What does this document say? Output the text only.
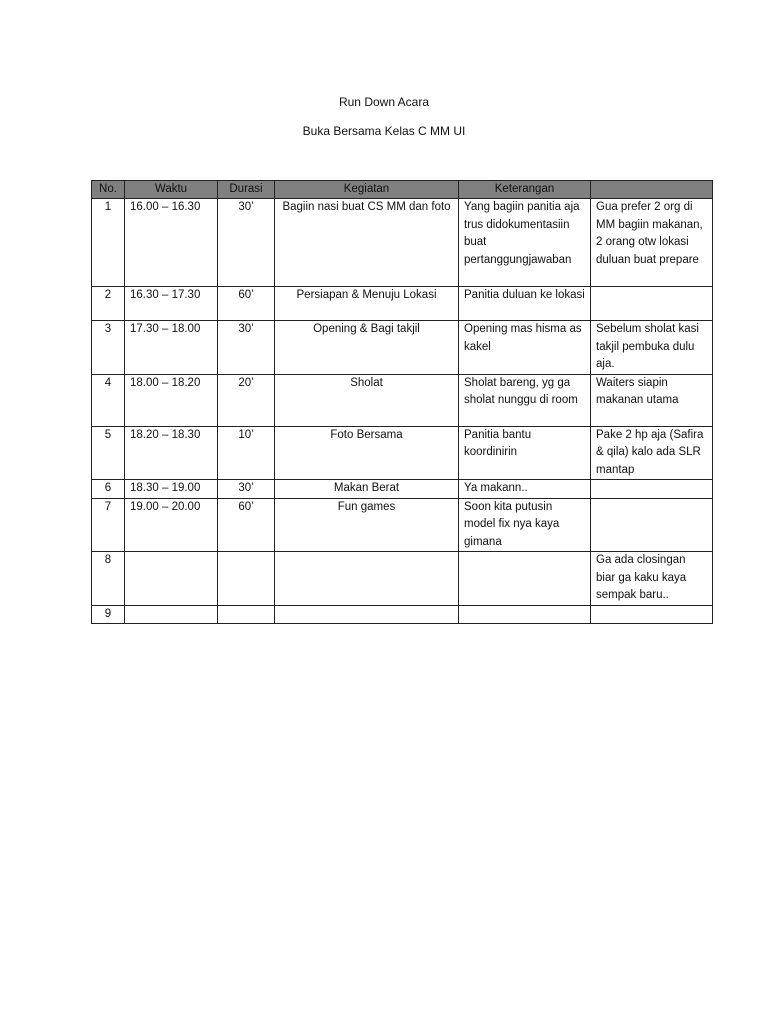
Run Down Acara
Buka Bersama Kelas C MM UI
No.	Waktu	Durasi	Kegiatan	Keterangan	
1	16.00 – 16.30	30’	Bagiin nasi buat CS MM dan foto	Yang bagiin panitia aja trus didokumentasiin buat pertanggungjawaban	Gua prefer 2 org di MM bagiin makanan, 2 orang otw lokasi duluan buat prepare
2	16.30 – 17.30	60’	Persiapan & Menuju Lokasi	Panitia duluan ke lokasi	
3	17.30 – 18.00	30’	Opening & Bagi takjil	Opening mas hisma as kakel	Sebelum sholat kasi takjil pembuka dulu aja.
4	18.00 – 18.20	20’	Sholat	Sholat bareng, yg ga sholat nunggu di room	Waiters siapin makanan utama
5	18.20 – 18.30	10’	Foto Bersama	Panitia bantu koordinirin	Pake 2 hp aja (Safira & qila) kalo ada SLR mantap
6	18.30 – 19.00	30’	Makan Berat	Ya makann..	
7	19.00 – 20.00	60’	Fun games	Soon kita putusin model fix nya kaya gimana	
8					Ga ada closingan biar ga kaku kaya sempak baru..
9					
